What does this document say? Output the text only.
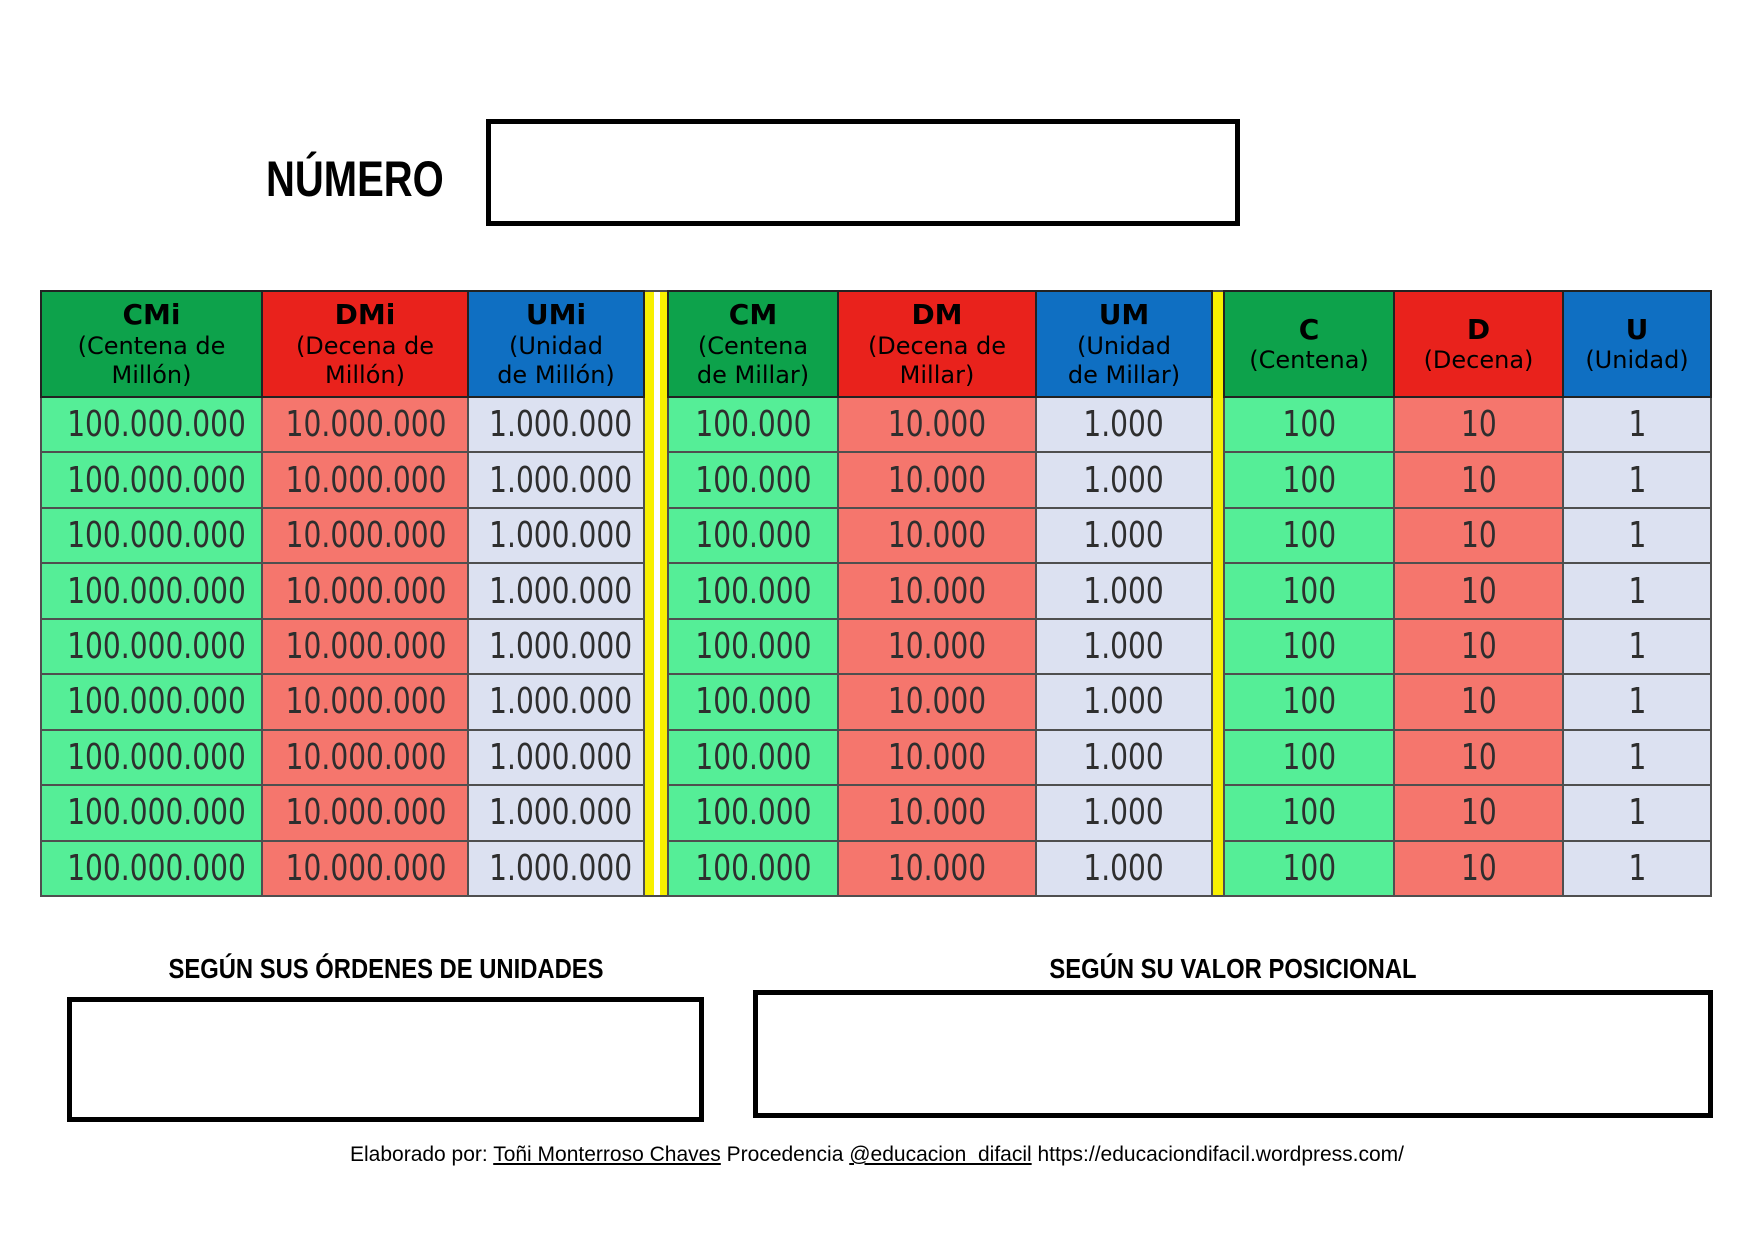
NÚMERO
CMi
(Centena de
Millón)	DMi
(Decena de
Millón)	UMi
(Unidad
de Millón)		CM
(Centena
de Millar)	DM
(Decena de
Millar)	UM
(Unidad
de Millar)		C
(Centena)	D
(Decena)	U
(Unidad)

100.000.000	10.000.000	1.000.000		100.000	10.000	1.000		100	10	1
100.000.000	10.000.000	1.000.000		100.000	10.000	1.000		100	10	1
100.000.000	10.000.000	1.000.000		100.000	10.000	1.000		100	10	1
100.000.000	10.000.000	1.000.000		100.000	10.000	1.000		100	10	1
100.000.000	10.000.000	1.000.000		100.000	10.000	1.000		100	10	1
100.000.000	10.000.000	1.000.000		100.000	10.000	1.000		100	10	1
100.000.000	10.000.000	1.000.000		100.000	10.000	1.000		100	10	1
100.000.000	10.000.000	1.000.000		100.000	10.000	1.000		100	10	1
100.000.000	10.000.000	1.000.000		100.000	10.000	1.000		100	10	1
SEGÚN SUS ÓRDENES DE UNIDADES	SEGÚN SU VALOR POSICIONAL
Elaborado por: Toñi Monterroso Chaves Procedencia @educacion_difacil https://educaciondifacil.wordpress.com/
